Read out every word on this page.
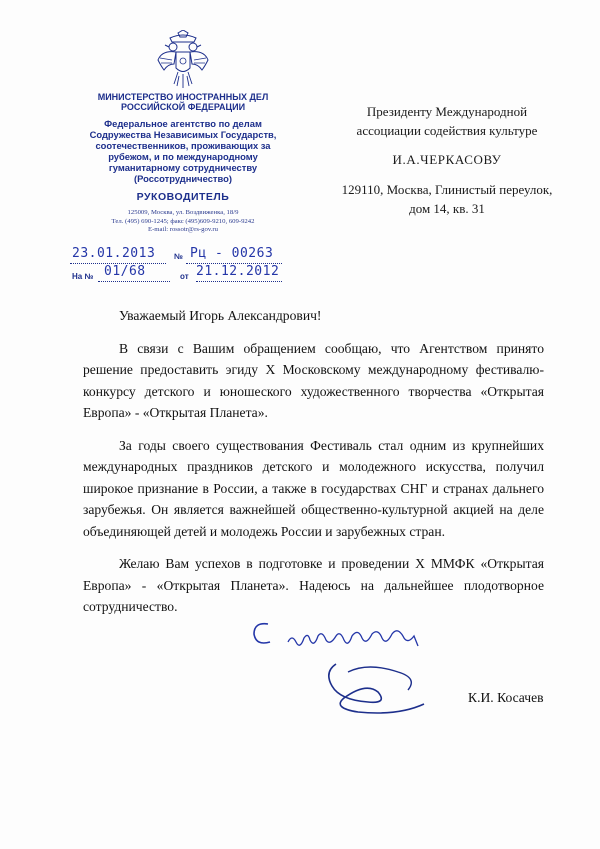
МИНИСТЕРСТВО ИНОСТРАННЫХ ДЕЛ
РОССИЙСКОЙ ФЕДЕРАЦИИ
Федеральное агентство по делам
Содружества Независимых Государств,
соотечественников, проживающих за
рубежом, и по международному
гуманитарному сотрудничеству
(Россотрудничество)
РУКОВОДИТЕЛЬ
125009, Москва, ул. Воздвиженка, 18/9
Тел. (495) 690-1245; факс (495)609-9210, 609-9242
E-mail: rossotr@rs-gov.ru
23.01.2013 № Рц - 00263
На № 01/68	от 21.12.2012
Президенту Международной
ассоциации содействия культуре
И.А.ЧЕРКАСОВУ
129110, Москва, Глинистый переулок,
дом 14, кв. 31

Уважаемый Игорь Александрович!

В связи с Вашим обращением сообщаю, что Агентством принято решение предоставить эгиду X Московскому международному фестивалю-конкурсу детского и юношеского художественного творчества «Открытая Европа» - «Открытая Планета».

За годы своего существования Фестиваль стал одним из крупнейших международных праздников детского и молодежного искусства, получил широкое признание в России, а также в государствах СНГ и странах дальнего зарубежья. Он является важнейшей общественно-культурной акцией на деле объединяющей детей и молодежь России и зарубежных стран.

Желаю Вам успехов в подготовке и проведении X ММФК «Открытая Европа» - «Открытая Планета». Надеюсь на дальнейшее плодотворное сотрудничество.

К.И. Косачев
